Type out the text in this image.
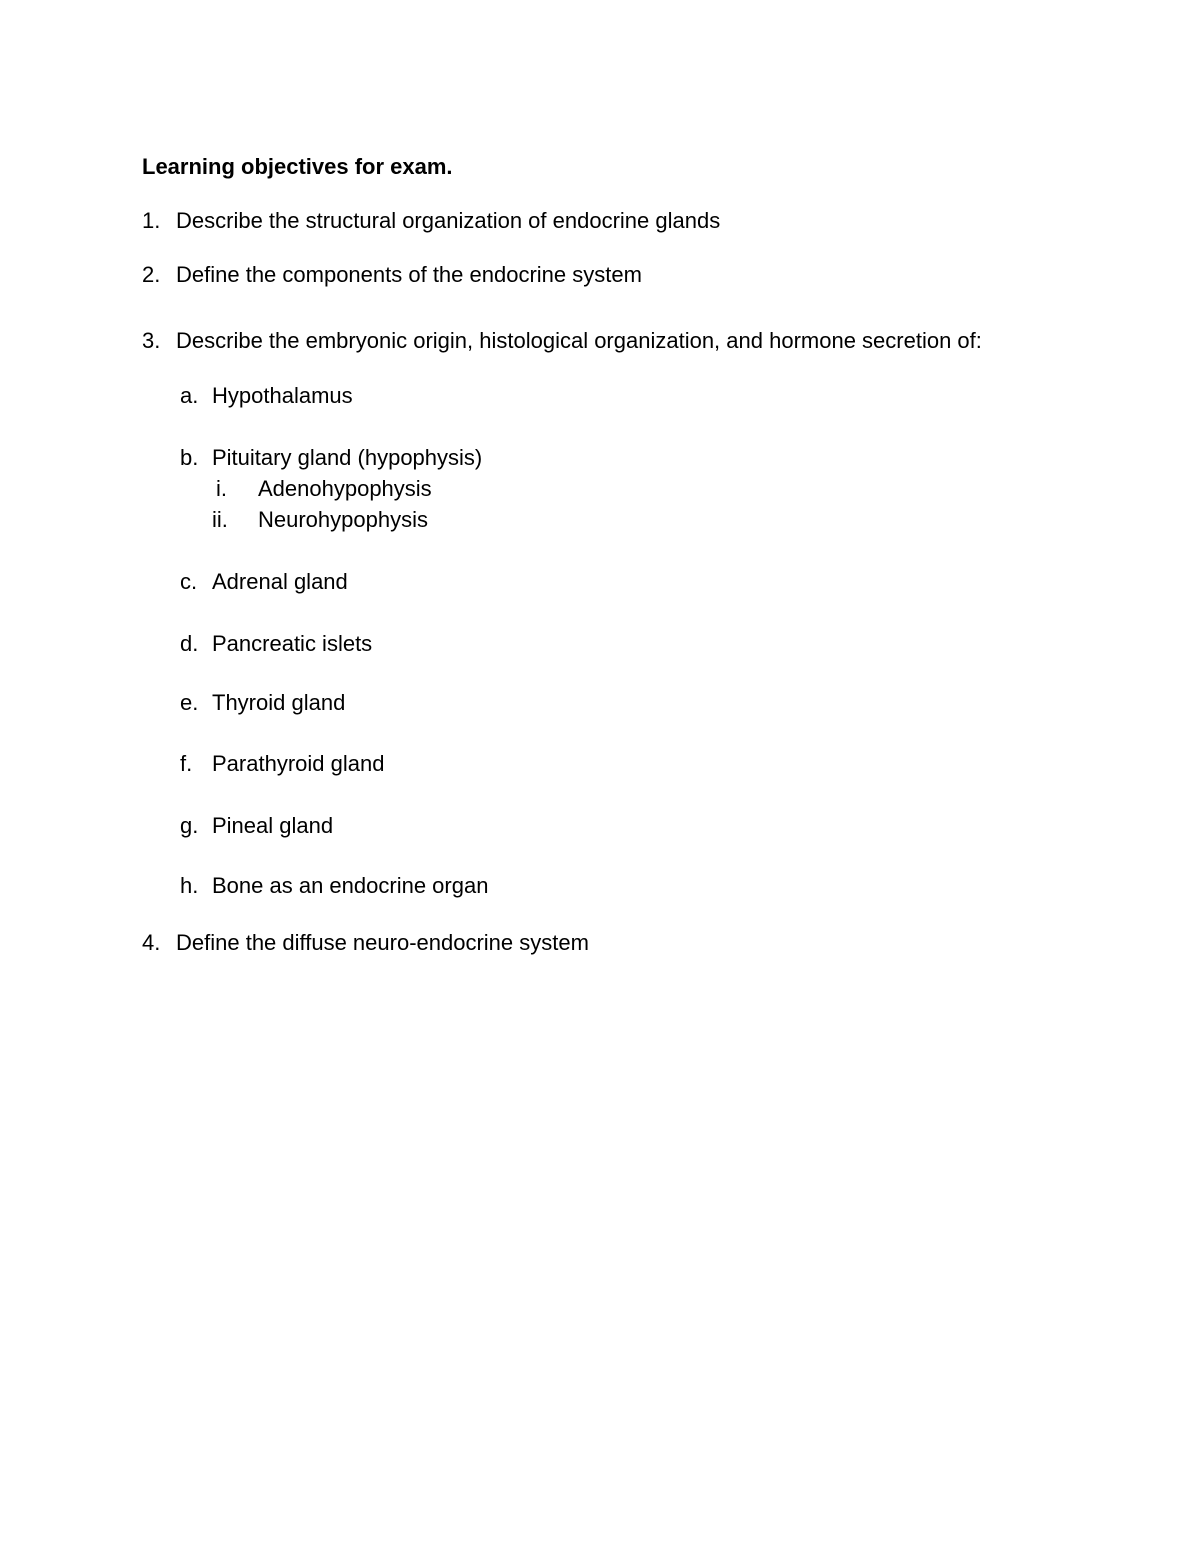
Learning objectives for exam.
1. Describe the structural organization of endocrine glands
2. Define the components of the endocrine system
3. Describe the embryonic origin, histological organization, and hormone secretion of:
a. Hypothalamus
b. Pituitary gland (hypophysis)
i. Adenohypophysis
ii. Neurohypophysis
c. Adrenal gland
d. Pancreatic islets
e. Thyroid gland
f. Parathyroid gland
g. Pineal gland
h. Bone as an endocrine organ
4. Define the diffuse neuro-endocrine system
